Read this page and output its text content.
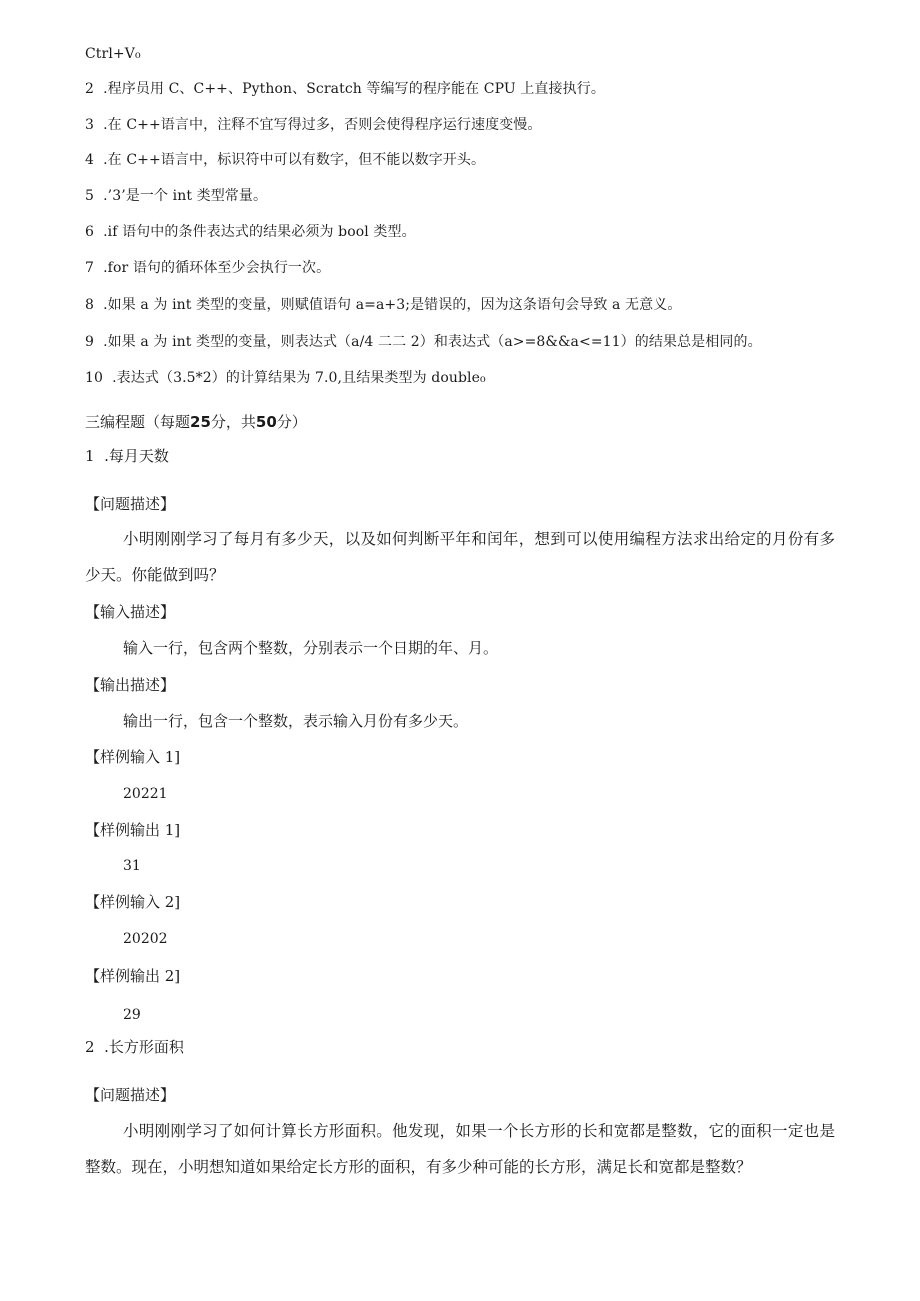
Ctrl+V₀
2 .程序员用 C、C++、Python、Scratch 等编写的程序能在 CPU 上直接执行。
3 .在 C++语言中，注释不宜写得过多，否则会使得程序运行速度变慢。
4 .在 C++语言中，标识符中可以有数字，但不能以数字开头。
5 .’3’是一个 int 类型常量。
6 .if 语句中的条件表达式的结果必须为 bool 类型。
7 .for 语句的循环体至少会执行一次。
8 .如果 a 为 int 类型的变量，则赋值语句 a=a+3;是错误的，因为这条语句会导致 a 无意义。
9 .如果 a 为 int 类型的变量，则表达式（a/4 二二 2）和表达式（a>=8&&a<=11）的结果总是相同的。
10 .表达式（3.5*2）的计算结果为 7.0,且结果类型为 double₀
三编程题（每题25分，共50分）
1 .每月天数
【问题描述】
小明刚刚学习了每月有多少天，以及如何判断平年和闰年，想到可以使用编程方法求出给定的月份有多少天。你能做到吗？
【输入描述】
输入一行，包含两个整数，分别表示一个日期的年、月。
【输出描述】
输出一行，包含一个整数，表示输入月份有多少天。
【样例输入 1]
20221
【样例输出 1]
31
【样例输入 2]
20202
【样例输出 2]
29
2 .长方形面积
【问题描述】
小明刚刚学习了如何计算长方形面积。他发现，如果一个长方形的长和宽都是整数，它的面积一定也是整数。现在，小明想知道如果给定长方形的面积，有多少种可能的长方形，满足长和宽都是整数？
